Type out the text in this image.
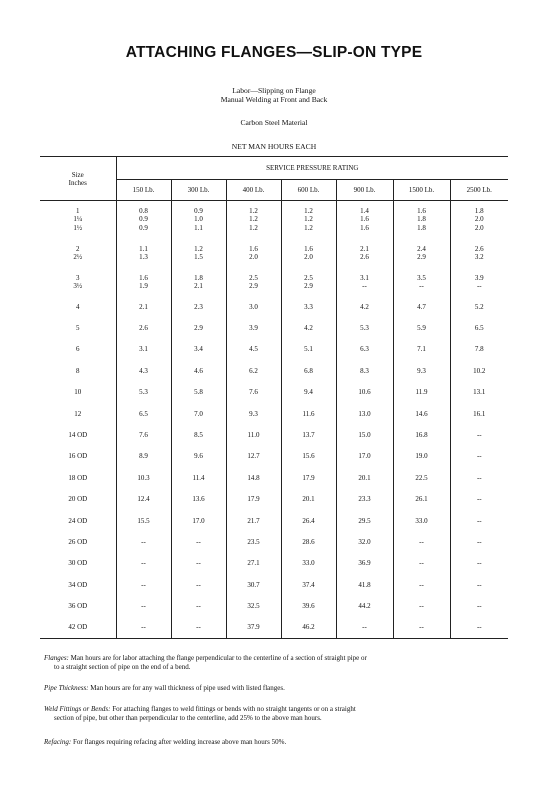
ATTACHING FLANGES—SLIP-ON TYPE
Labor—Slipping on Flange
Manual Welding at Front and Back
Carbon Steel Material
NET MAN HOURS EACH
Size
Inches	SERVICE PRESSURE RATING						
	150 Lb.	300 Lb.	400 Lb.	600 Lb.	900 Lb.	1500 Lb.	2500 Lb.
1	0.8	0.9	1.2	1.2	1.4	1.6	1.8
1¼	0.9	1.0	1.2	1.2	1.6	1.8	2.0
1½	0.9	1.1	1.2	1.2	1.6	1.8	2.0
2	1.1	1.2	1.6	1.6	2.1	2.4	2.6
2½	1.3	1.5	2.0	2.0	2.6	2.9	3.2
3	1.6	1.8	2.5	2.5	3.1	3.5	3.9
3½	1.9	2.1	2.9	2.9	--	--	--
4	2.1	2.3	3.0	3.3	4.2	4.7	5.2
5	2.6	2.9	3.9	4.2	5.3	5.9	6.5
6	3.1	3.4	4.5	5.1	6.3	7.1	7.8
8	4.3	4.6	6.2	6.8	8.3	9.3	10.2
10	5.3	5.8	7.6	9.4	10.6	11.9	13.1
12	6.5	7.0	9.3	11.6	13.0	14.6	16.1
14 OD	7.6	8.5	11.0	13.7	15.0	16.8	--
16 OD	8.9	9.6	12.7	15.6	17.0	19.0	--
18 OD	10.3	11.4	14.8	17.9	20.1	22.5	--
20 OD	12.4	13.6	17.9	20.1	23.3	26.1	--
24 OD	15.5	17.0	21.7	26.4	29.5	33.0	--
26 OD	--	--	23.5	28.6	32.0	--	--
30 OD	--	--	27.1	33.0	36.9	--	--
34 OD	--	--	30.7	37.4	41.8	--	--
36 OD	--	--	32.5	39.6	44.2	--	--
42 OD	--	--	37.9	46.2	--	--	--
Flanges: Man hours are for labor attaching the flange perpendicular to the centerline of a section of straight pipe or
to a straight section of pipe on the end of a bend.
Pipe Thickness: Man hours are for any wall thickness of pipe used with listed flanges.
Weld Fittings or Bends: For attaching flanges to weld fittings or bends with no straight tangents or on a straight
section of pipe, but other than perpendicular to the centerline, add 25% to the above man hours.
Refacing: For flanges requiring refacing after welding increase above man hours 50%.
